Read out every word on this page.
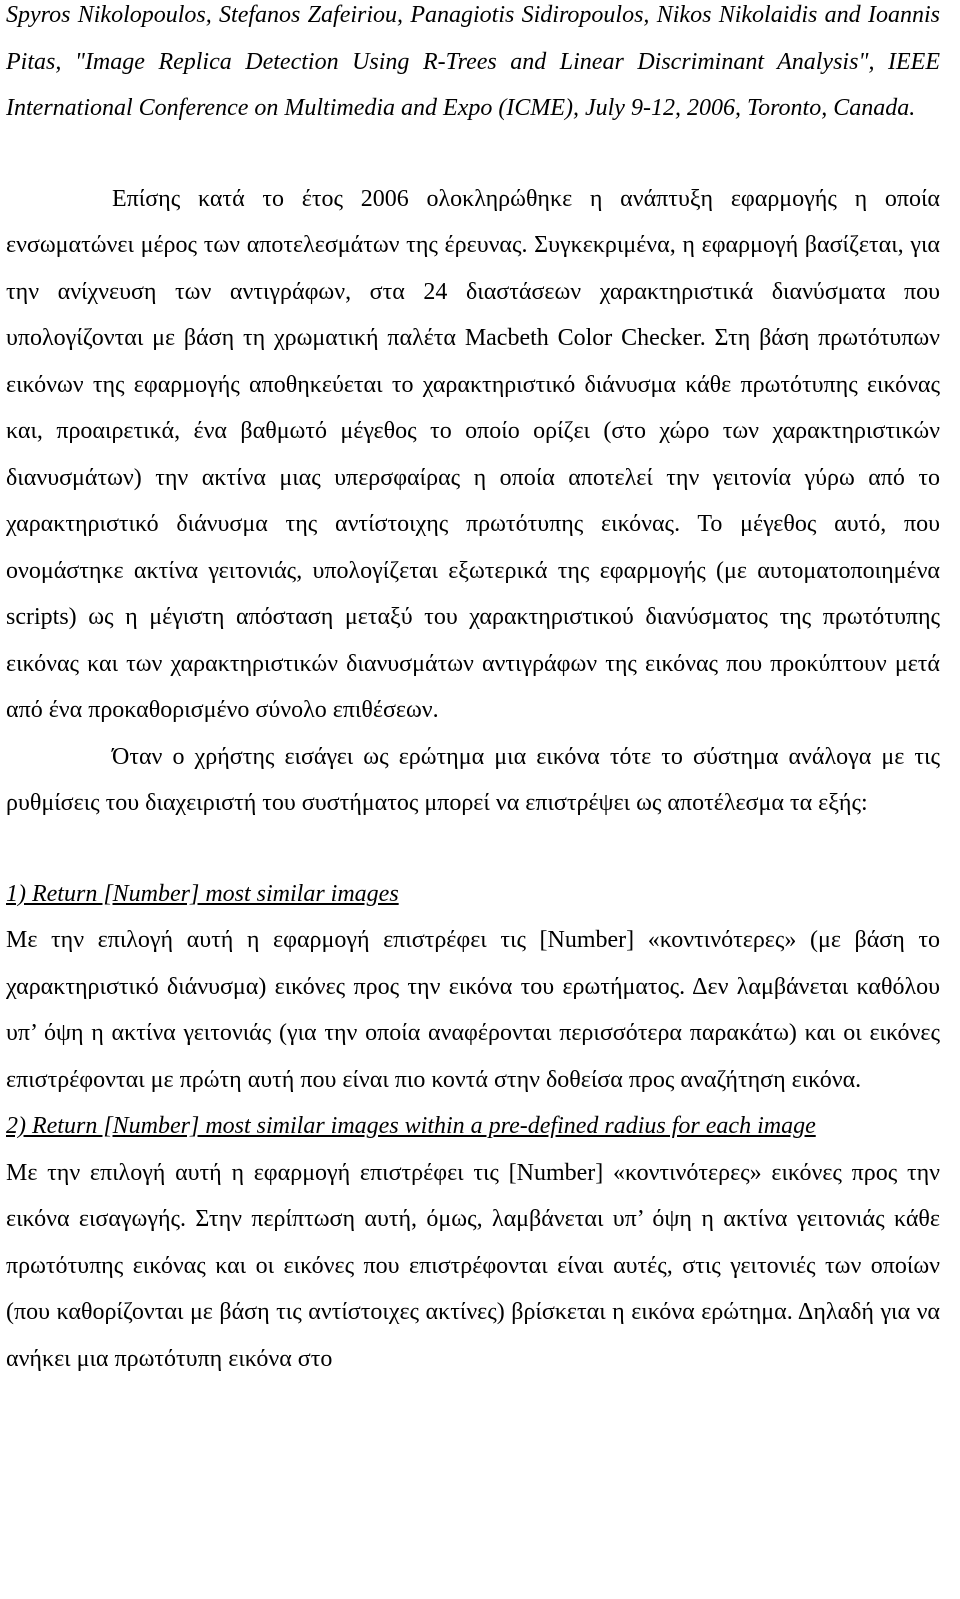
Spyros Nikolopoulos, Stefanos Zafeiriou, Panagiotis Sidiropoulos, Nikos Nikolaidis and Ioannis Pitas, "Image Replica Detection Using R-Trees and Linear Discriminant Analysis", IEEE International Conference on Multimedia and Expo (ICME), July 9-12, 2006, Toronto, Canada.

Επίσης κατά το έτος 2006 ολοκληρώθηκε η ανάπτυξη εφαρμογής η οποία ενσωματώνει μέρος των αποτελεσμάτων της έρευνας. Συγκεκριμένα, η εφαρμογή βασίζεται, για την ανίχνευση των αντιγράφων, στα 24 διαστάσεων χαρακτηριστικά διανύσματα που υπολογίζονται με βάση τη χρωματική παλέτα Macbeth Color Checker. Στη βάση πρωτότυπων εικόνων της εφαρμογής αποθηκεύεται το χαρακτηριστικό διάνυσμα κάθε πρωτότυπης εικόνας και, προαιρετικά, ένα βαθμωτό μέγεθος το οποίο ορίζει (στο χώρο των χαρακτηριστικών διανυσμάτων) την ακτίνα μιας υπερσφαίρας η οποία αποτελεί την γειτονία γύρω από το χαρακτηριστικό διάνυσμα της αντίστοιχης πρωτότυπης εικόνας. Το μέγεθος αυτό, που ονομάστηκε ακτίνα γειτονιάς, υπολογίζεται εξωτερικά της εφαρμογής (με αυτοματοποιημένα scripts) ως η μέγιστη απόσταση μεταξύ του χαρακτηριστικού διανύσματος της πρωτότυπης εικόνας και των χαρακτηριστικών διανυσμάτων αντιγράφων της εικόνας που προκύπτουν μετά από ένα προκαθορισμένο σύνολο επιθέσεων.

Όταν ο χρήστης εισάγει ως ερώτημα μια εικόνα τότε το σύστημα ανάλογα με τις ρυθμίσεις του διαχειριστή του συστήματος μπορεί να επιστρέψει ως αποτέλεσμα τα εξής:

1) Return [Number] most similar images

Με την επιλογή αυτή η εφαρμογή επιστρέφει τις [Number] «κοντινότερες» (με βάση το χαρακτηριστικό διάνυσμα) εικόνες προς την εικόνα του ερωτήματος. Δεν λαμβάνεται καθόλου υπ’ όψη η ακτίνα γειτονιάς (για την οποία αναφέρονται περισσότερα παρακάτω) και οι εικόνες επιστρέφονται με πρώτη αυτή που είναι πιο κοντά στην δοθείσα προς αναζήτηση εικόνα.

2) Return [Number] most similar images within a pre-defined radius for each image

Με την επιλογή αυτή η εφαρμογή επιστρέφει τις [Number] «κοντινότερες» εικόνες προς την εικόνα εισαγωγής. Στην περίπτωση αυτή, όμως, λαμβάνεται υπ’ όψη η ακτίνα γειτονιάς κάθε πρωτότυπης εικόνας και οι εικόνες που επιστρέφονται είναι αυτές, στις γειτονιές των οποίων (που καθορίζονται με βάση τις αντίστοιχες ακτίνες) βρίσκεται η εικόνα ερώτημα. Δηλαδή για να ανήκει μια πρωτότυπη εικόνα στο
